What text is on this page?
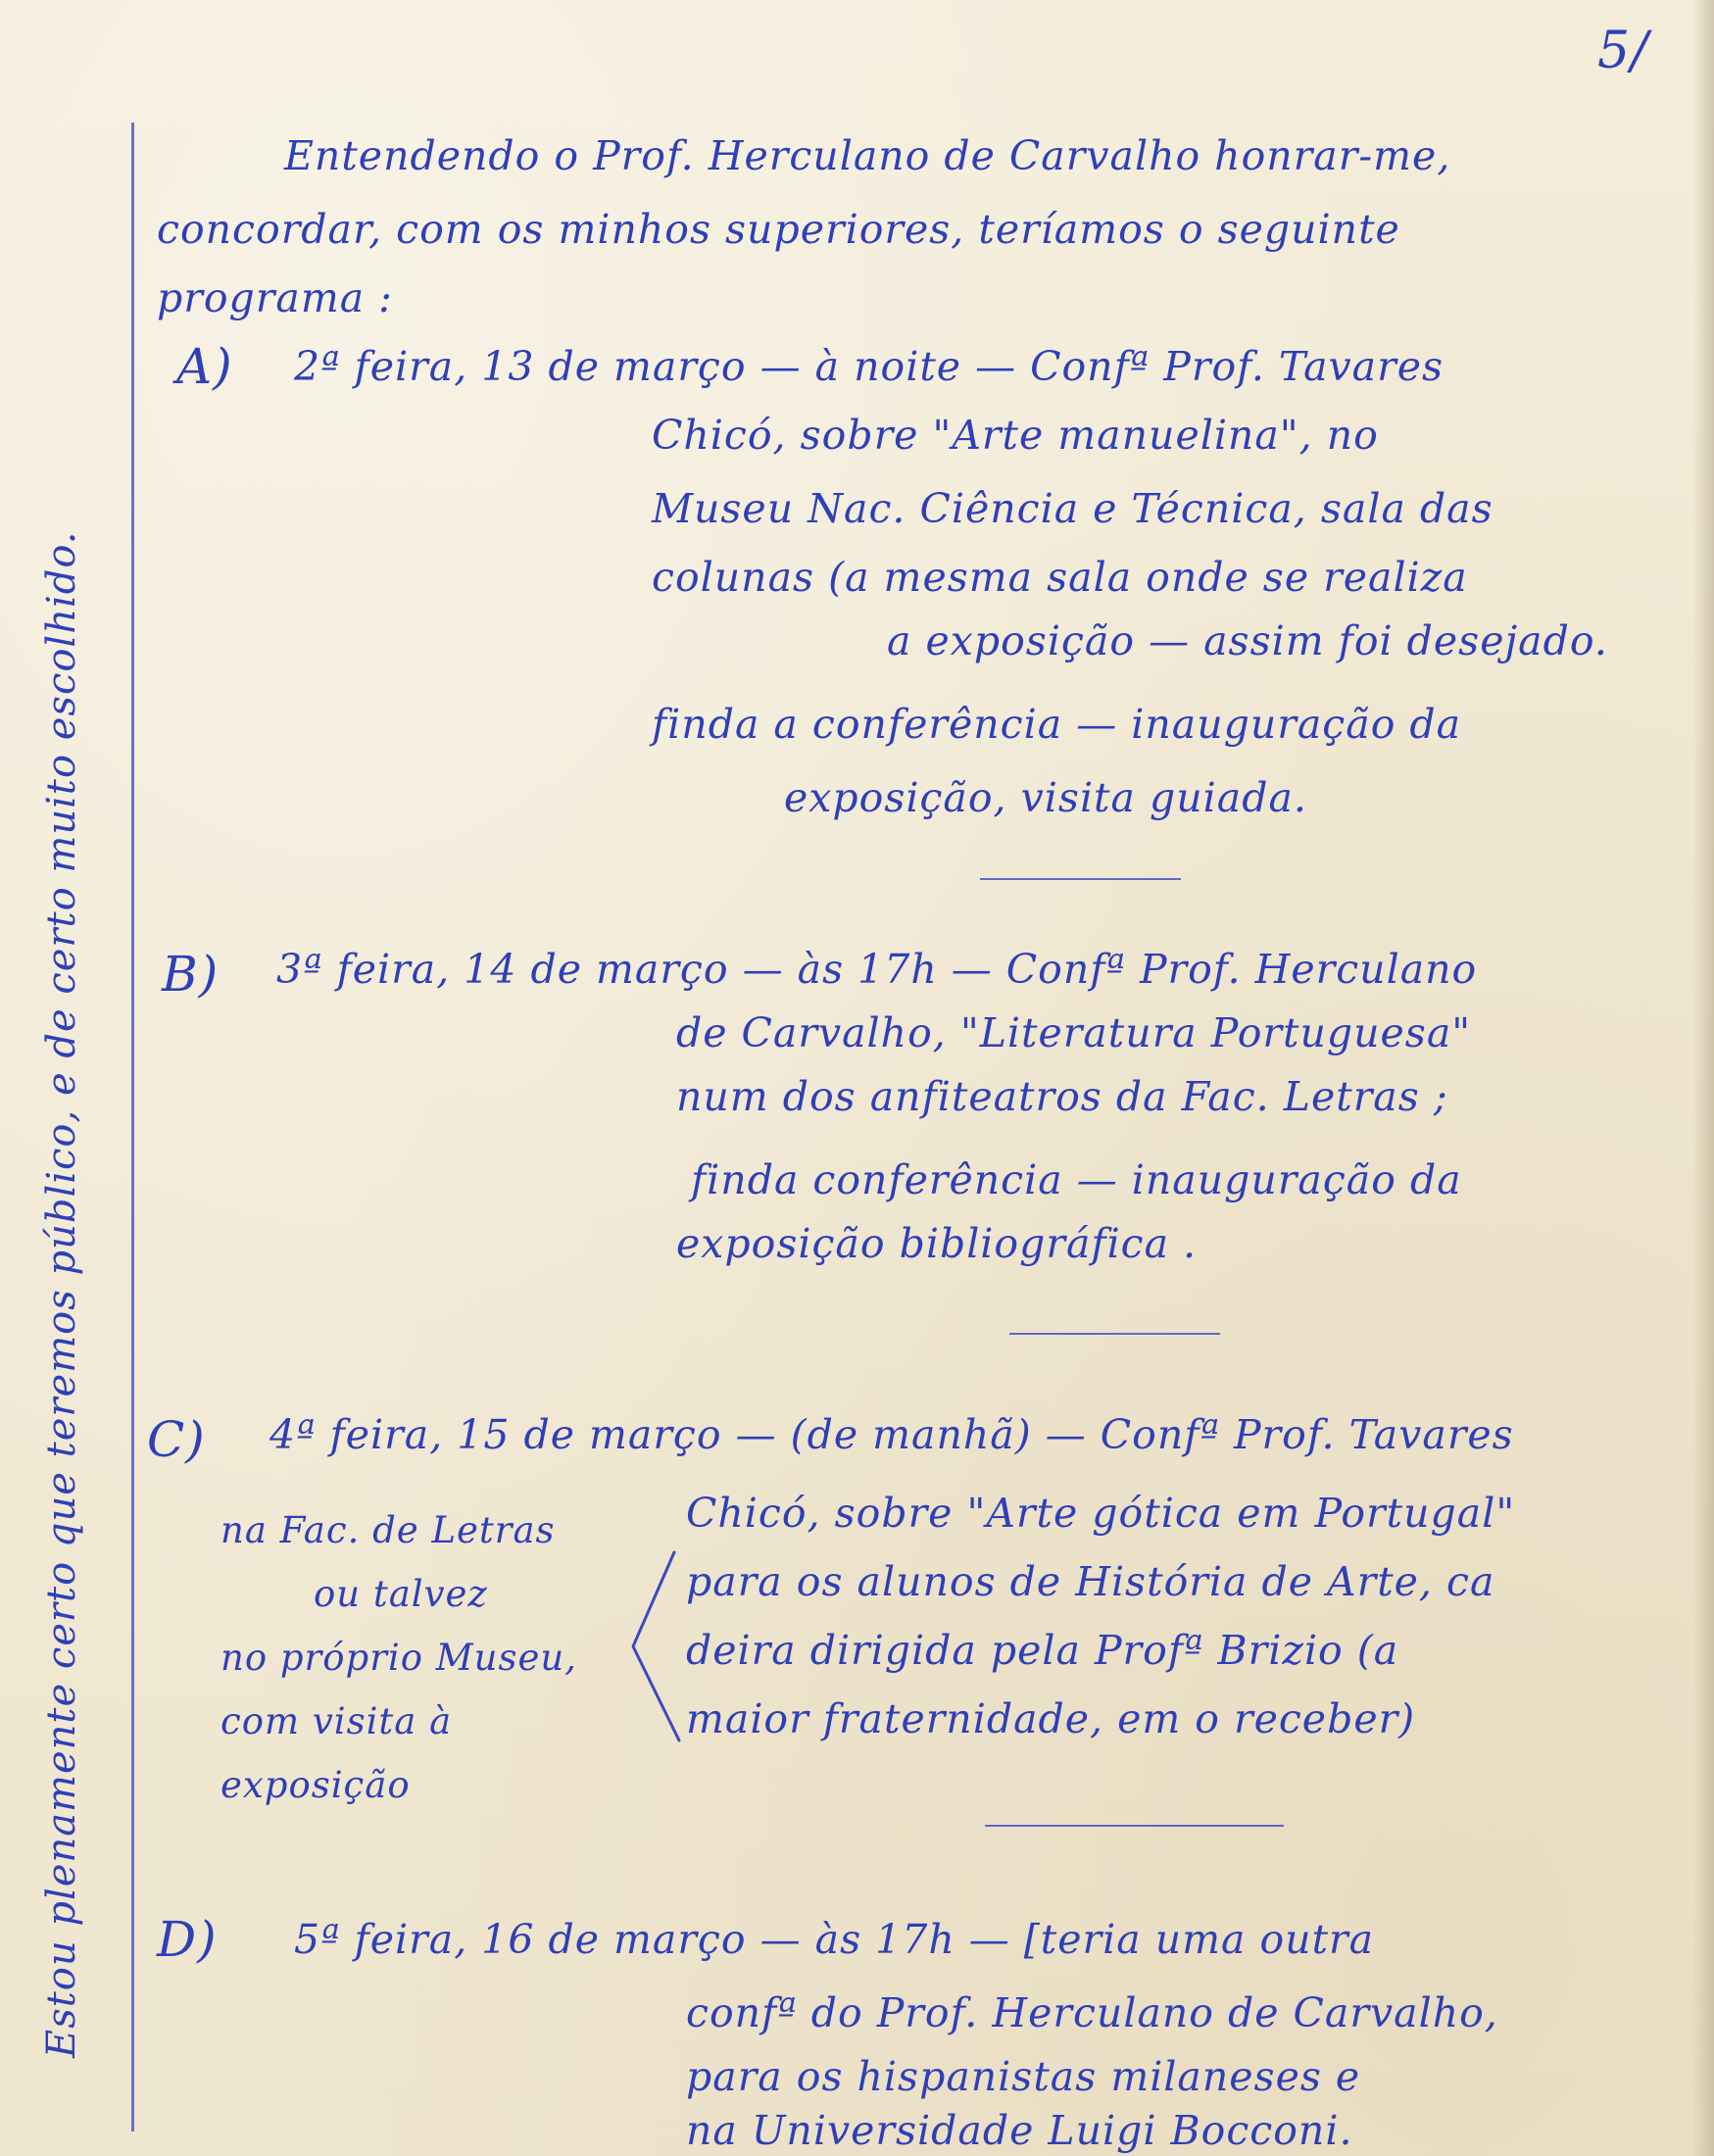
5/
Estou plenamente certo que teremos público, e de certo muito escolhido.
Entendendo o Prof. Herculano de Carvalho honrar-me,
concordar, com os minhos superiores, teríamos o seguinte
programa :
A) 2ª feira, 13 de março — à noite — Confª Prof. Tavares
Chicó, sobre "Arte manuelina", no
Museu Nac. Ciência e Técnica, sala das
colunas (a mesma sala onde se realiza
a exposição — assim foi desejado.
finda a conferência — inauguração da
exposição, visita guiada.
B) 3ª feira, 14 de março — às 17h — Confª Prof. Herculano
de Carvalho, "Literatura Portuguesa"
num dos anfiteatros da Fac. Letras ;
finda conferência — inauguração da
exposição bibliográfica .
C) 4ª feira, 15 de março — (de manhã) — Confª Prof. Tavares
Chicó, sobre "Arte gótica em Portugal"
para os alunos de História de Arte, ca
deira dirigida pela Profª Brizio (a
maior fraternidade, em o receber)
na Fac. de Letras
ou talvez
no próprio Museu,
com visita à
exposição
D) 5ª feira, 16 de março — às 17h — [teria uma outra
confª do Prof. Herculano de Carvalho,
para os hispanistas milaneses e
na Universidade Luigi Bocconi.
